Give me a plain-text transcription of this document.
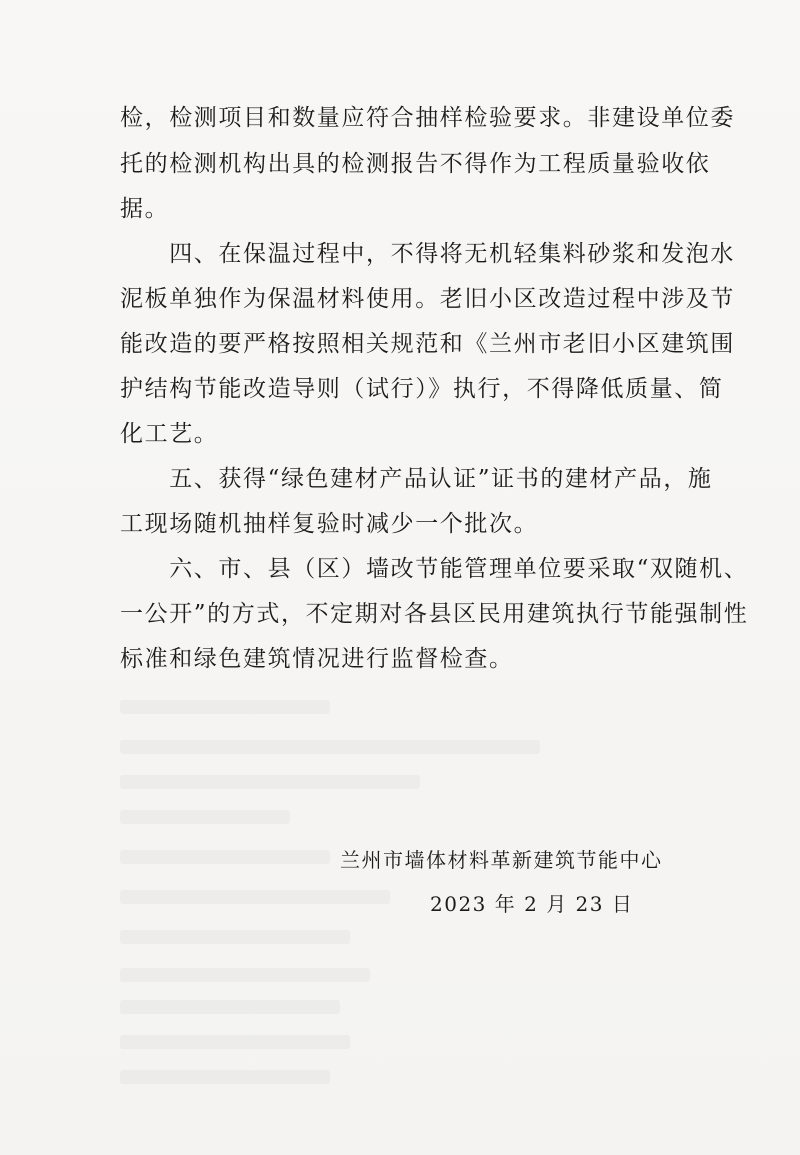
检，检测项目和数量应符合抽样检验要求。非建设单位委
托的检测机构出具的检测报告不得作为工程质量验收依
据。
　　四、在保温过程中，不得将无机轻集料砂浆和发泡水
泥板单独作为保温材料使用。老旧小区改造过程中涉及节
能改造的要严格按照相关规范和《兰州市老旧小区建筑围
护结构节能改造导则（试行）》执行，不得降低质量、简
化工艺。
　　五、获得“绿色建材产品认证”证书的建材产品，施
工现场随机抽样复验时减少一个批次。
　　六、市、县（区）墙改节能管理单位要采取“双随机、
一公开”的方式，不定期对各县区民用建筑执行节能强制性
标准和绿色建筑情况进行监督检查。
兰州市墙体材料革新建筑节能中心
2023 年 2 月 23 日
